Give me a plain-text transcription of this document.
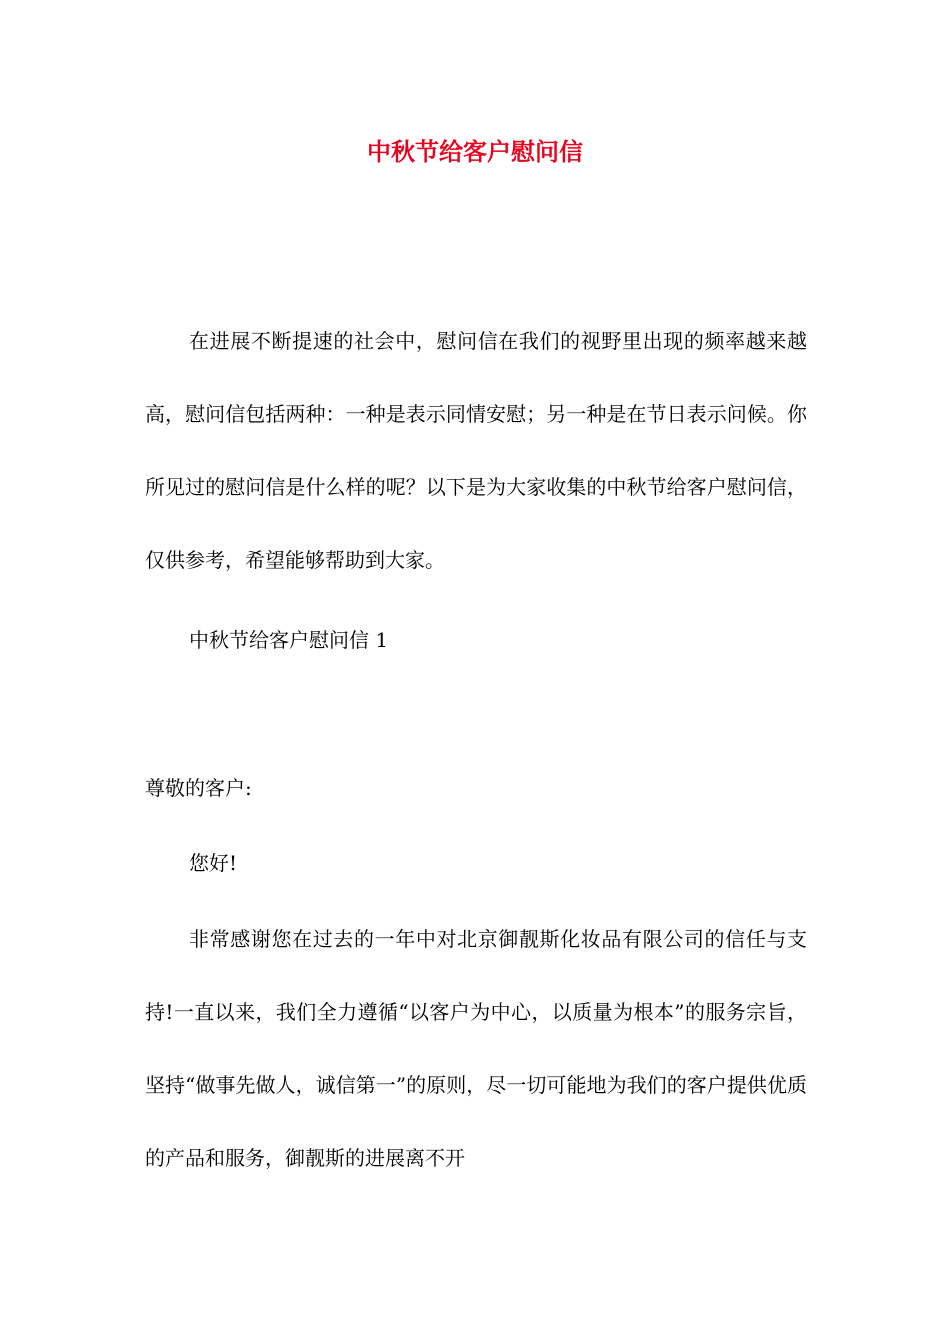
中秋节给客户慰问信

在进展不断提速的社会中，慰问信在我们的视野里出现的频率越来越高，慰问信包括两种：一种是表示同情安慰；另一种是在节日表示问候。你所见过的慰问信是什么样的呢？以下是为大家收集的中秋节给客户慰问信，仅供参考，希望能够帮助到大家。

中秋节给客户慰问信 1
尊敬的客户:
您好!

非常感谢您在过去的一年中对北京御靓斯化妆品有限公司的信任与支持!一直以来，我们全力遵循“以客户为中心，以质量为根本”的服务宗旨，坚持“做事先做人，诚信第一”的原则，尽一切可能地为我们的客户提供优质的产品和服务，御靓斯的进展离不开
